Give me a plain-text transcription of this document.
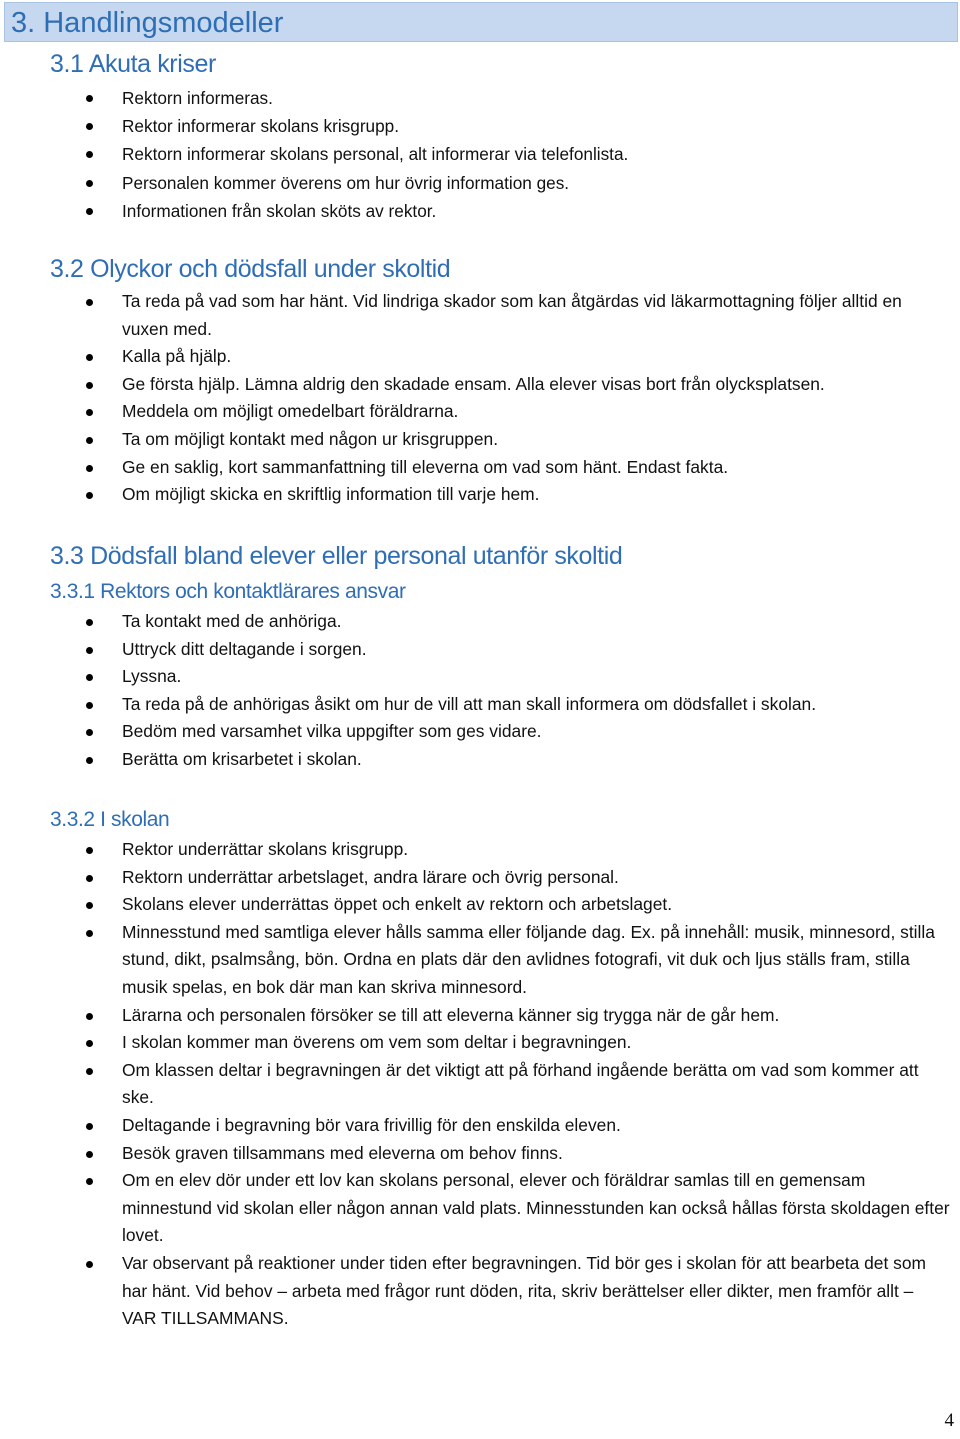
3. Handlingsmodeller
3.1 Akuta kriser
Rektorn informeras.
Rektor informerar skolans krisgrupp.
Rektorn informerar skolans personal, alt informerar via telefonlista.
Personalen kommer överens om hur övrig information ges.
Informationen från skolan sköts av rektor.
3.2 Olyckor och dödsfall under skoltid
Ta reda på vad som har hänt. Vid lindriga skador som kan åtgärdas vid läkarmottagning följer alltid en vuxen med.
Kalla på hjälp.
Ge första hjälp. Lämna aldrig den skadade ensam. Alla elever visas bort från olycksplatsen.
Meddela om möjligt omedelbart föräldrarna.
Ta om möjligt kontakt med någon ur krisgruppen.
Ge en saklig, kort sammanfattning till eleverna om vad som hänt. Endast fakta.
Om möjligt skicka en skriftlig information till varje hem.
3.3 Dödsfall bland elever eller personal utanför skoltid
3.3.1 Rektors och kontaktlärares ansvar
Ta kontakt med de anhöriga.
Uttryck ditt deltagande i sorgen.
Lyssna.
Ta reda på de anhörigas åsikt om hur de vill att man skall informera om dödsfallet i skolan.
Bedöm med varsamhet vilka uppgifter som ges vidare.
Berätta om krisarbetet i skolan.
3.3.2 I skolan
Rektor underrättar skolans krisgrupp.
Rektorn underrättar arbetslaget, andra lärare och övrig personal.
Skolans elever underrättas öppet och enkelt av rektorn och arbetslaget.
Minnesstund med samtliga elever hålls samma eller följande dag. Ex. på innehåll: musik, minnesord, stilla stund, dikt, psalmsång, bön. Ordna en plats där den avlidnes fotografi, vit duk och ljus ställs fram, stilla musik spelas, en bok där man kan skriva minnesord.
Lärarna och personalen försöker se till att eleverna känner sig trygga när de går hem.
I skolan kommer man överens om vem som deltar i begravningen.
Om klassen deltar i begravningen är det viktigt att på förhand ingående berätta om vad som kommer att ske.
Deltagande i begravning bör vara frivillig för den enskilda eleven.
Besök graven tillsammans med eleverna om behov finns.
Om en elev dör under ett lov kan skolans personal, elever och föräldrar samlas till en gemensam minnestund vid skolan eller någon annan vald plats. Minnesstunden kan också hållas första skoldagen efter lovet.
Var observant på reaktioner under tiden efter begravningen. Tid bör ges i skolan för att bearbeta det som har hänt. Vid behov – arbeta med frågor runt döden, rita, skriv berättelser eller dikter, men framför allt – VAR TILLSAMMANS.
4
